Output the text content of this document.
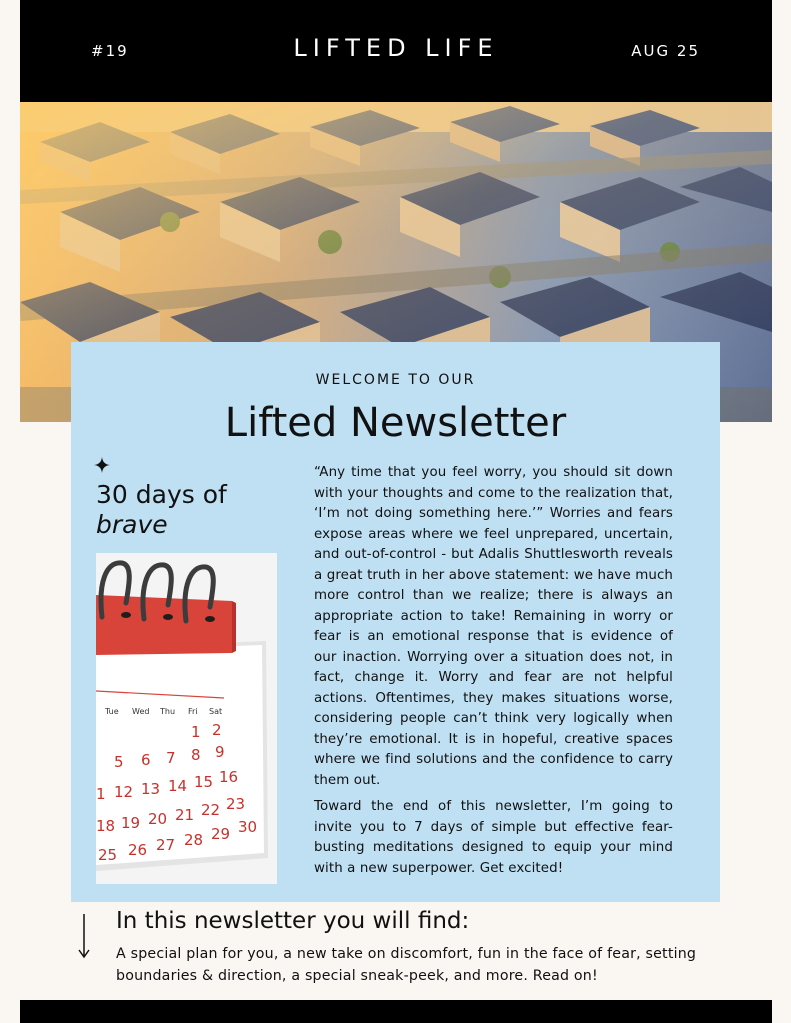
#19	LIFTED LIFE	AUG 25
WELCOME TO OUR
Lifted Newsletter
30 days of
brave
Tue Wed Thu Fri Sat
1 2
5 6 7 8 9
1 12 13 14 15 16
18 19 20 21 22 23
25 26 27 28 29 30

“Any time that you feel worry, you should sit down with your thoughts and come to the realization that, ‘I’m not doing something here.’” Worries and fears expose areas where we feel unprepared, uncertain, and out-of-control - but Adalis Shuttlesworth reveals a great truth in her above statement: we have much more control than we realize; there is always an appropriate action to take! Remaining in worry or fear is an emotional response that is evidence of our inaction. Worrying over a situation does not, in fact, change it. Worry and fear are not helpful actions. Oftentimes, they makes situations worse, considering people can’t think very logically when they’re emotional. It is in hopeful, creative spaces where we find solutions and the confidence to carry them out.

Toward the end of this newsletter, I’m going to invite you to 7 days of simple but effective fear-busting meditations designed to equip your mind with a new superpower. Get excited!

In this newsletter you will find:
A special plan for you, a new take on discomfort, fun in the face of fear, setting boundaries & direction, a special sneak-peek, and more. Read on!
